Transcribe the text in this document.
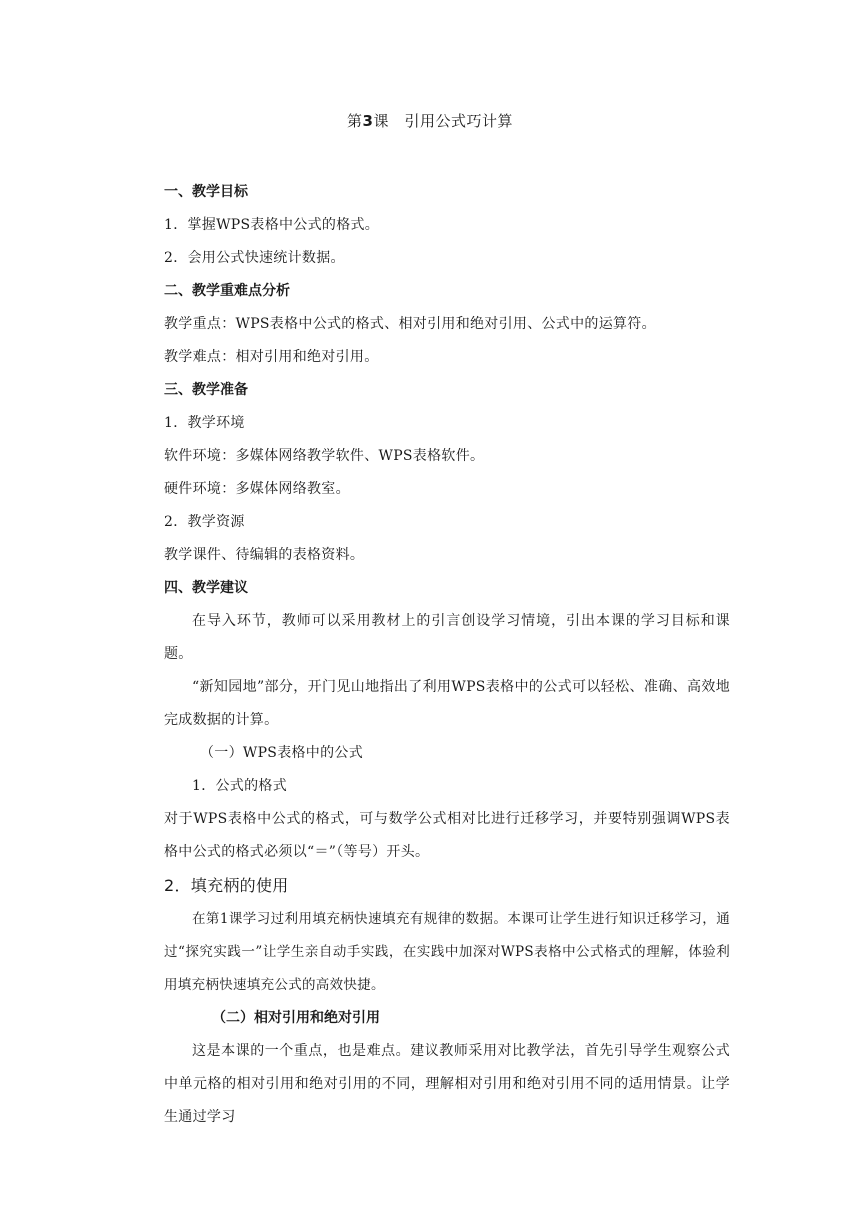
第3课　引用公式巧计算

一、教学目标

1．掌握WPS表格中公式的格式。

2．会用公式快速统计数据。

二、教学重难点分析

教学重点：WPS表格中公式的格式、相对引用和绝对引用、公式中的运算符。

教学难点：相对引用和绝对引用。

三、教学准备

1．教学环境

软件环境：多媒体网络教学软件、WPS表格软件。

硬件环境：多媒体网络教室。

2．教学资源

教学课件、待编辑的表格资料。

四、教学建议

在导入环节，教师可以采用教材上的引言创设学习情境，引出本课的学习目标和课题。

“新知园地”部分，开门见山地指出了利用WPS表格中的公式可以轻松、准确、高效地完成数据的计算。

（一）WPS表格中的公式

1．公式的格式

对于WPS表格中公式的格式，可与数学公式相对比进行迁移学习，并要特别强调WPS表格中公式的格式必须以“＝”（等号）开头。

2．填充柄的使用

在第1课学习过利用填充柄快速填充有规律的数据。本课可让学生进行知识迁移学习，通过“探究实践一”让学生亲自动手实践，在实践中加深对WPS表格中公式格式的理解，体验利用填充柄快速填充公式的高效快捷。

（二）相对引用和绝对引用

这是本课的一个重点，也是难点。建议教师采用对比教学法，首先引导学生观察公式中单元格的相对引用和绝对引用的不同，理解相对引用和绝对引用不同的适用情景。让学生通过学习
